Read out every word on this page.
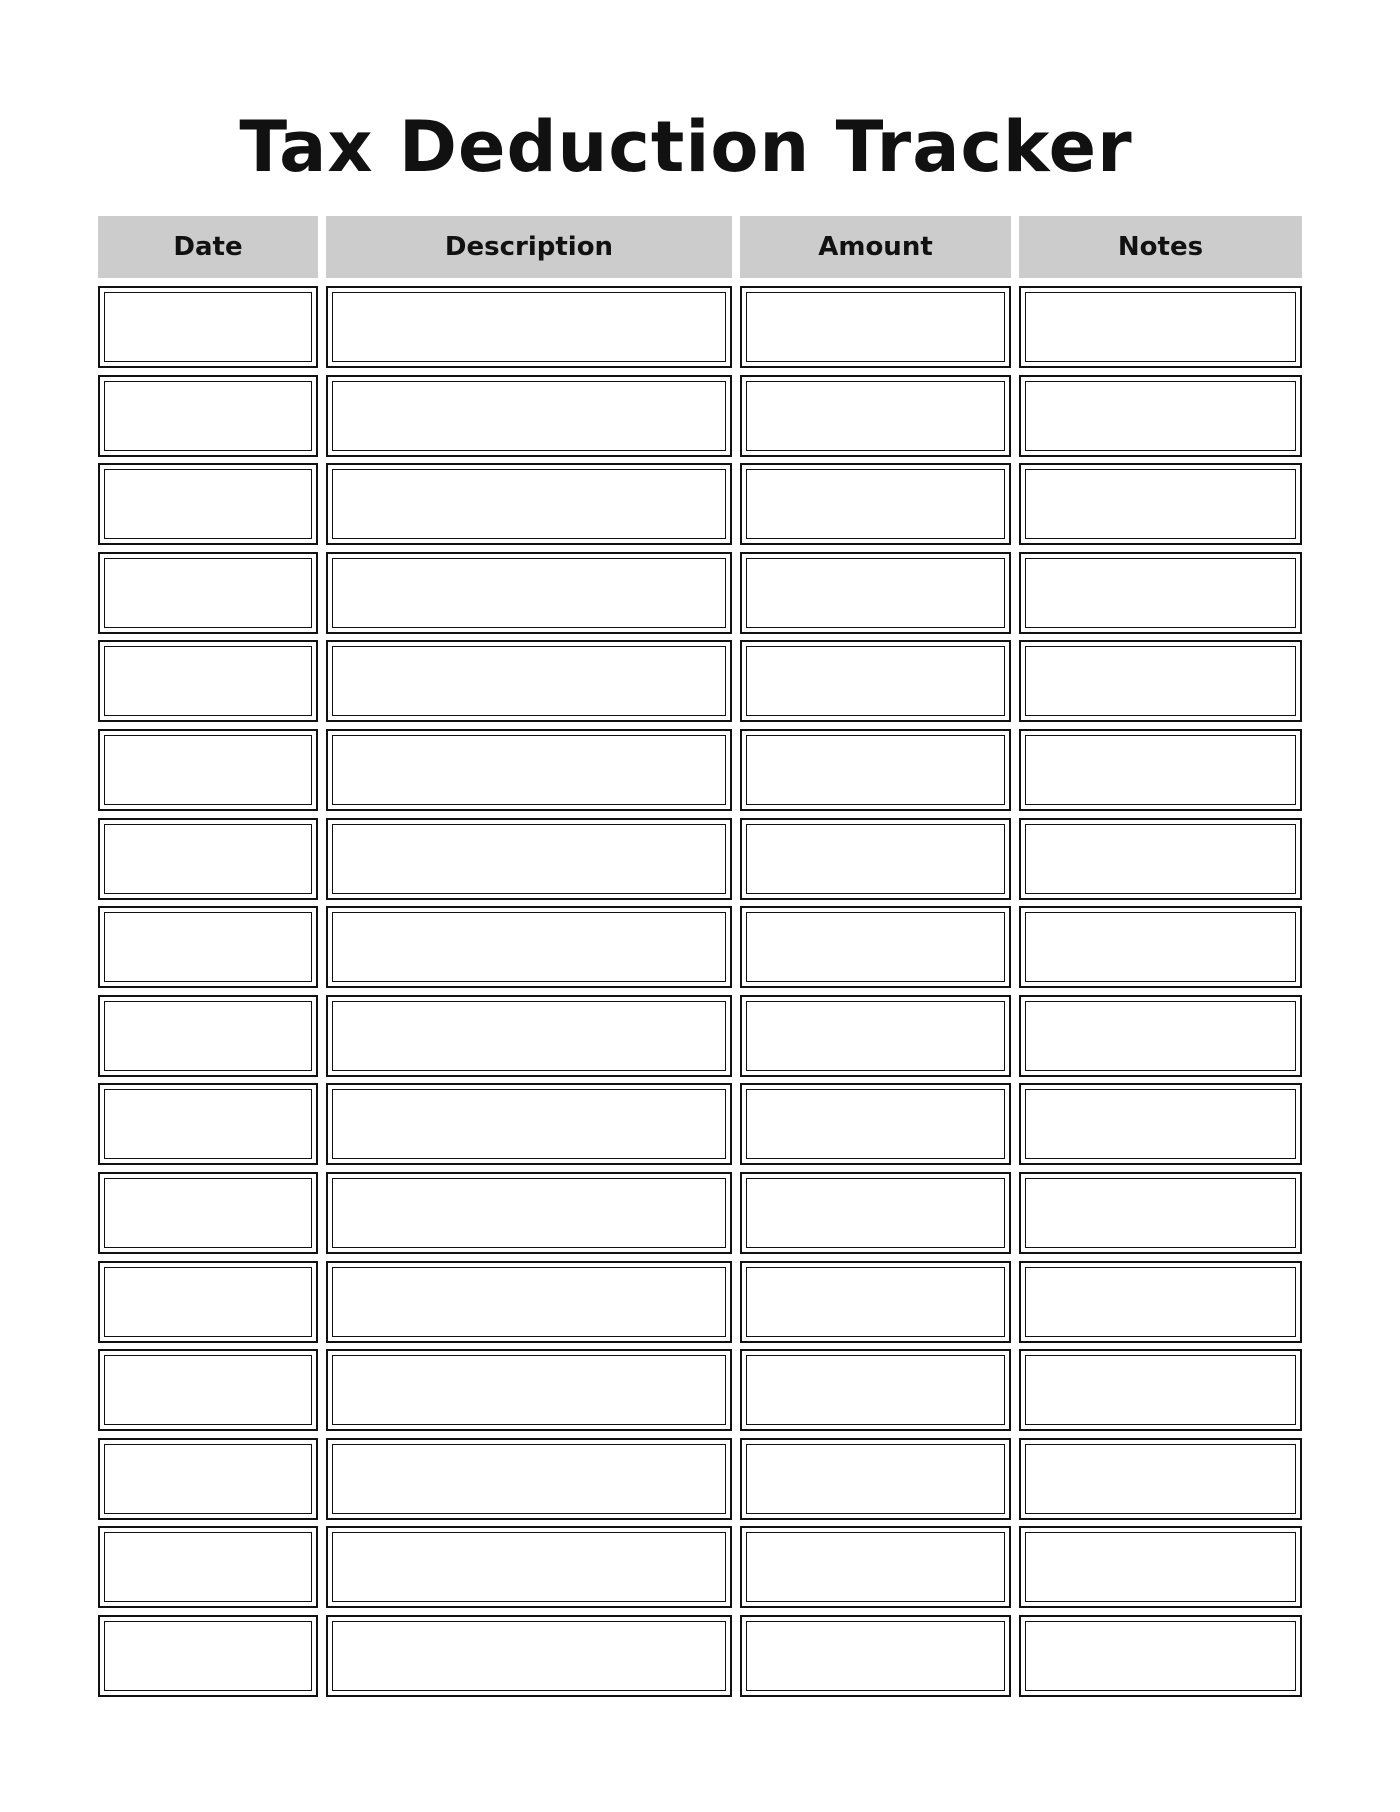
Tax Deduction Tracker
Date	Description	Amount	Notes
